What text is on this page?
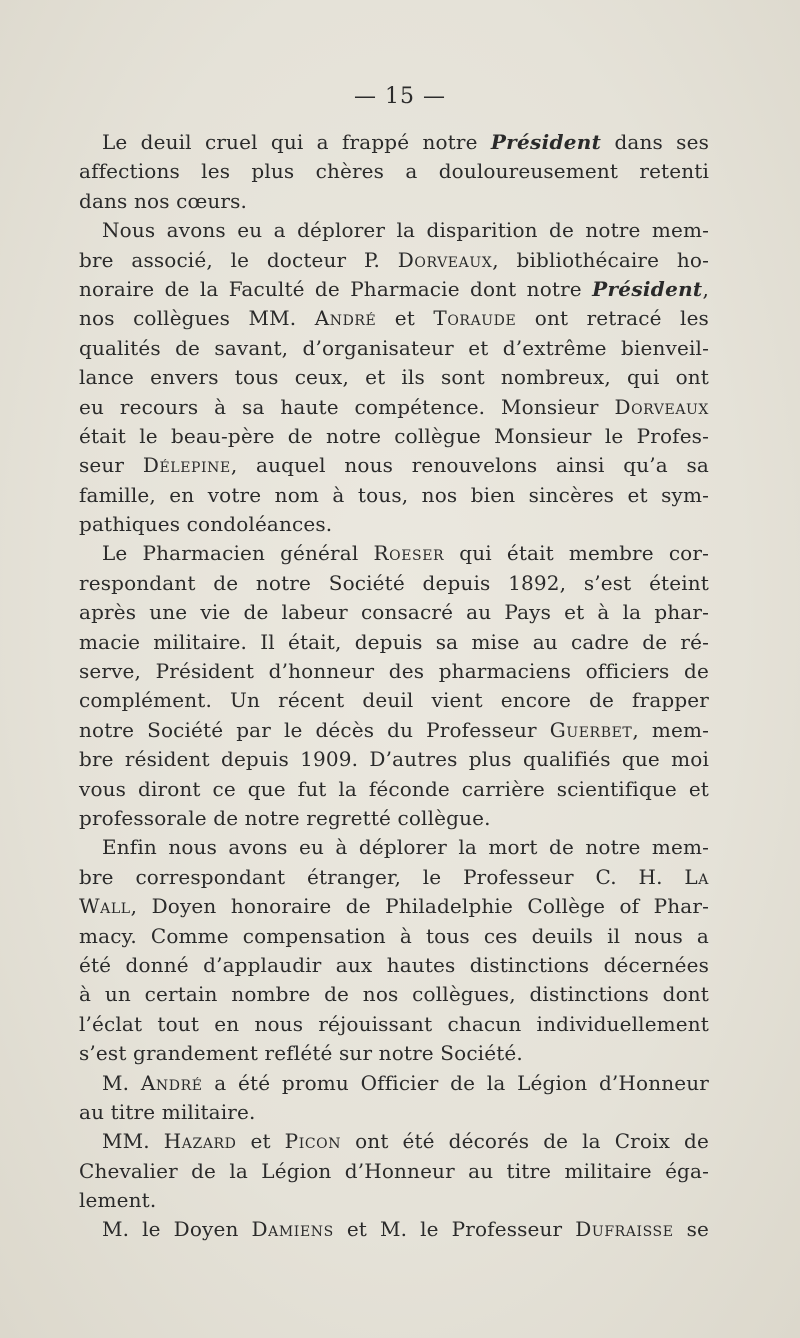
— 15 —
Le deuil cruel qui a frappé notre Président dans ses
affections les plus chères a douloureusement retenti
dans nos cœurs.
Nous avons eu a déplorer la disparition de notre mem-
bre associé, le docteur P. Dorveaux, bibliothécaire ho-
noraire de la Faculté de Pharmacie dont notre Président,
nos collègues MM. André et Toraude ont retracé les
qualités de savant, d’organisateur et d’extrême bienveil-
lance envers tous ceux, et ils sont nombreux, qui ont
eu recours à sa haute compétence. Monsieur Dorveaux
était le beau-père de notre collègue Monsieur le Profes-
seur Délepine, auquel nous renouvelons ainsi qu’a sa
famille, en votre nom à tous, nos bien sincères et sym-
pathiques condoléances.
Le Pharmacien général Roeser qui était membre cor-
respondant de notre Société depuis 1892, s’est éteint
après une vie de labeur consacré au Pays et à la phar-
macie militaire. Il était, depuis sa mise au cadre de ré-
serve, Président d’honneur des pharmaciens officiers de
complément. Un récent deuil vient encore de frapper
notre Société par le décès du Professeur Guerbet, mem-
bre résident depuis 1909. D’autres plus qualifiés que moi
vous diront ce que fut la féconde carrière scientifique et
professorale de notre regretté collègue.
Enfin nous avons eu à déplorer la mort de notre mem-
bre correspondant étranger, le Professeur C. H. La
Wall, Doyen honoraire de Philadelphie Collège of Phar-
macy. Comme compensation à tous ces deuils il nous a
été donné d’applaudir aux hautes distinctions décernées
à un certain nombre de nos collègues, distinctions dont
l’éclat tout en nous réjouissant chacun individuellement
s’est grandement reflété sur notre Société.
M. André a été promu Officier de la Légion d’Honneur
au titre militaire.
MM. Hazard et Picon ont été décorés de la Croix de
Chevalier de la Légion d’Honneur au titre militaire éga-
lement.
M. le Doyen Damiens et M. le Professeur Dufraisse se
